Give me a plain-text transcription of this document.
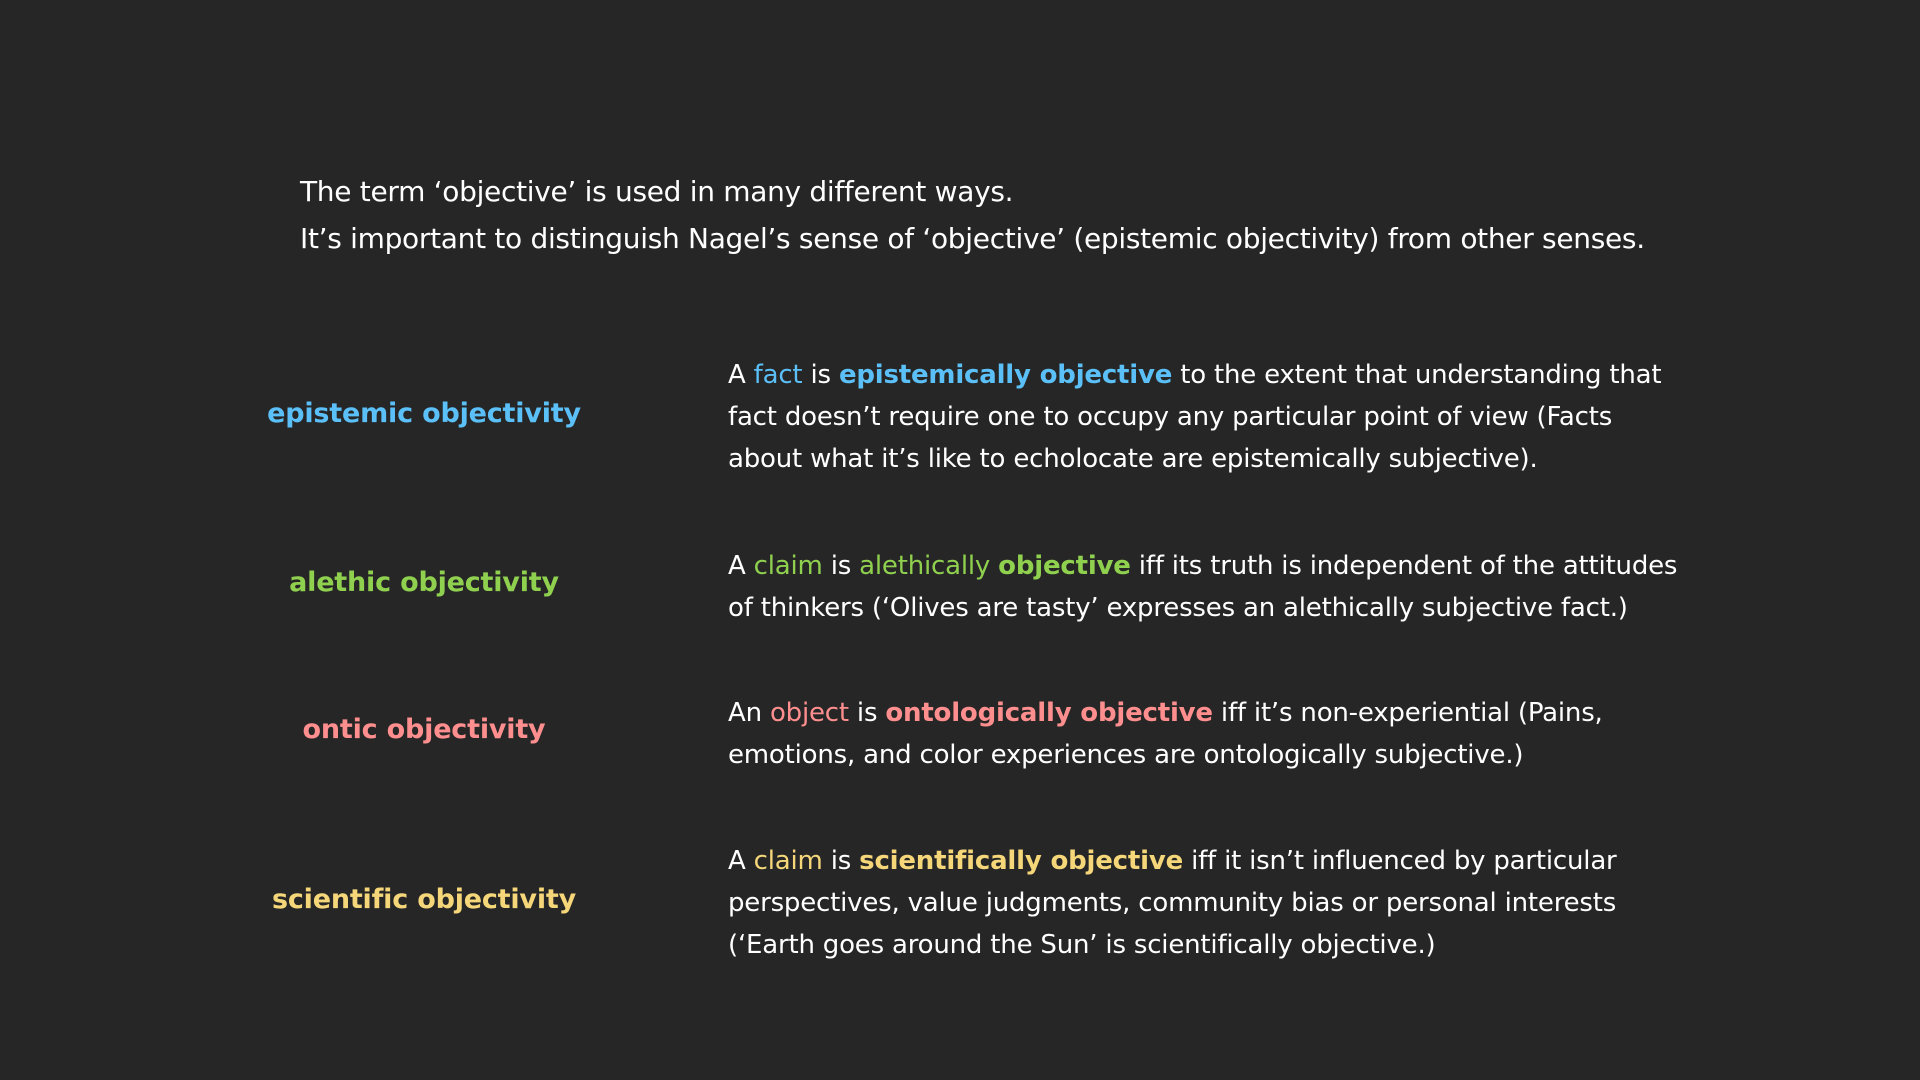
The term ‘objective’ is used in many different ways.
It’s important to distinguish Nagel’s sense of ‘objective’ (epistemic objectivity) from other senses.
epistemic objectivity
A fact is epistemically objective to the extent that understanding that
fact doesn’t require one to occupy any particular point of view (Facts
about what it’s like to echolocate are epistemically subjective).
alethic objectivity
A claim is alethically objective iff its truth is independent of the attitudes
of thinkers (‘Olives are tasty’ expresses an alethically subjective fact.)
ontic objectivity
An object is ontologically objective iff it’s non-experiential (Pains,
emotions, and color experiences are ontologically subjective.)
scientific objectivity
A claim is scientifically objective iff it isn’t influenced by particular
perspectives, value judgments, community bias or personal interests
(‘Earth goes around the Sun’ is scientifically objective.)
